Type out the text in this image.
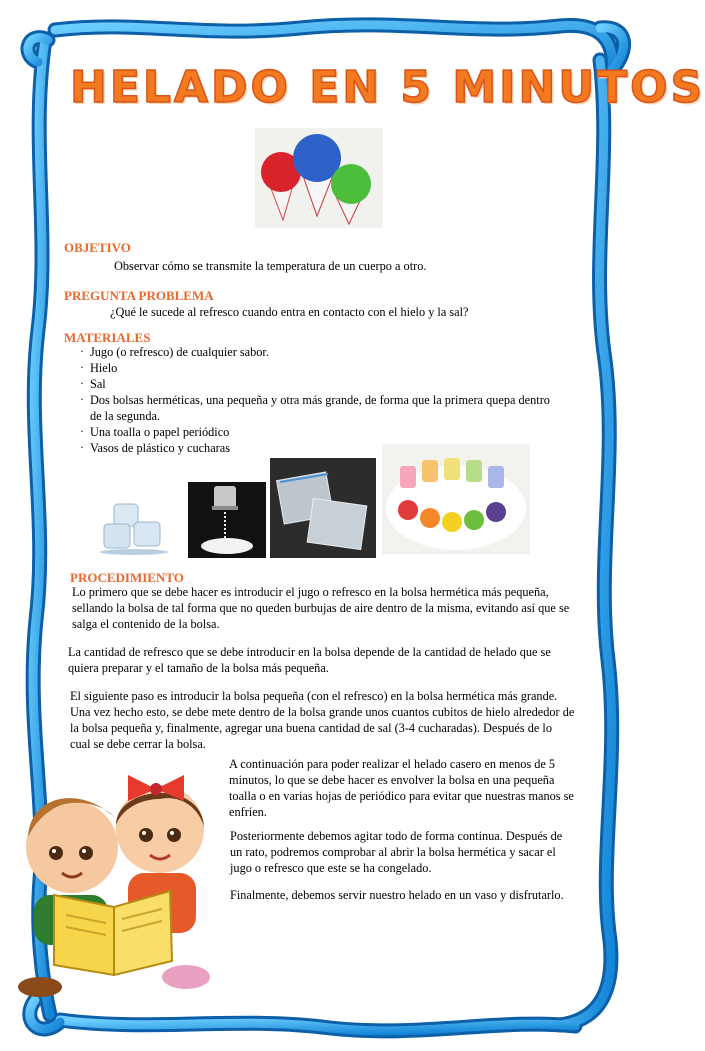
HELADO EN 5 MINUTOS
OBJETIVO
Observar cómo se transmite la temperatura de un cuerpo a otro.
PREGUNTA PROBLEMA
¿Qué le sucede al refresco cuando entra en contacto con el hielo y la sal?
MATERIALES
· Jugo (o refresco) de cualquier sabor.
· Hielo
· Sal
· Dos bolsas herméticas, una pequeña y otra más grande, de forma que la primera quepa dentro de la segunda.
· Una toalla o papel periódico
· Vasos de plástico y cucharas
PROCEDIMIENTO
Lo primero que se debe hacer es introducir el jugo o refresco en la bolsa hermética más pequeña, sellando la bolsa de tal forma que no queden burbujas de aire dentro de la misma, evitando así que se salga el contenido de la bolsa.
La cantidad de refresco que se debe introducir en la bolsa depende de la cantidad de helado que se quiera preparar y el tamaño de la bolsa más pequeña.
El siguiente paso es introducir la bolsa pequeña (con el refresco) en la bolsa hermética más grande. Una vez hecho esto, se debe mete dentro de la bolsa grande unos cuantos cubitos de hielo alrededor de la bolsa pequeña y, finalmente, agregar una buena cantidad de sal (3-4 cucharadas). Después de lo cual se debe cerrar la bolsa.
A continuación para poder realizar el helado casero en menos de 5 minutos, lo que se debe hacer es envolver la bolsa en una pequeña toalla o en varias hojas de periódico para evitar que nuestras manos se enfríen.
Posteriormente debemos agitar todo de forma continua. Después de un rato, podremos comprobar al abrir la bolsa hermética y sacar el jugo o refresco que este se ha congelado.
Finalmente, debemos servir nuestro helado en un vaso y disfrutarlo.
